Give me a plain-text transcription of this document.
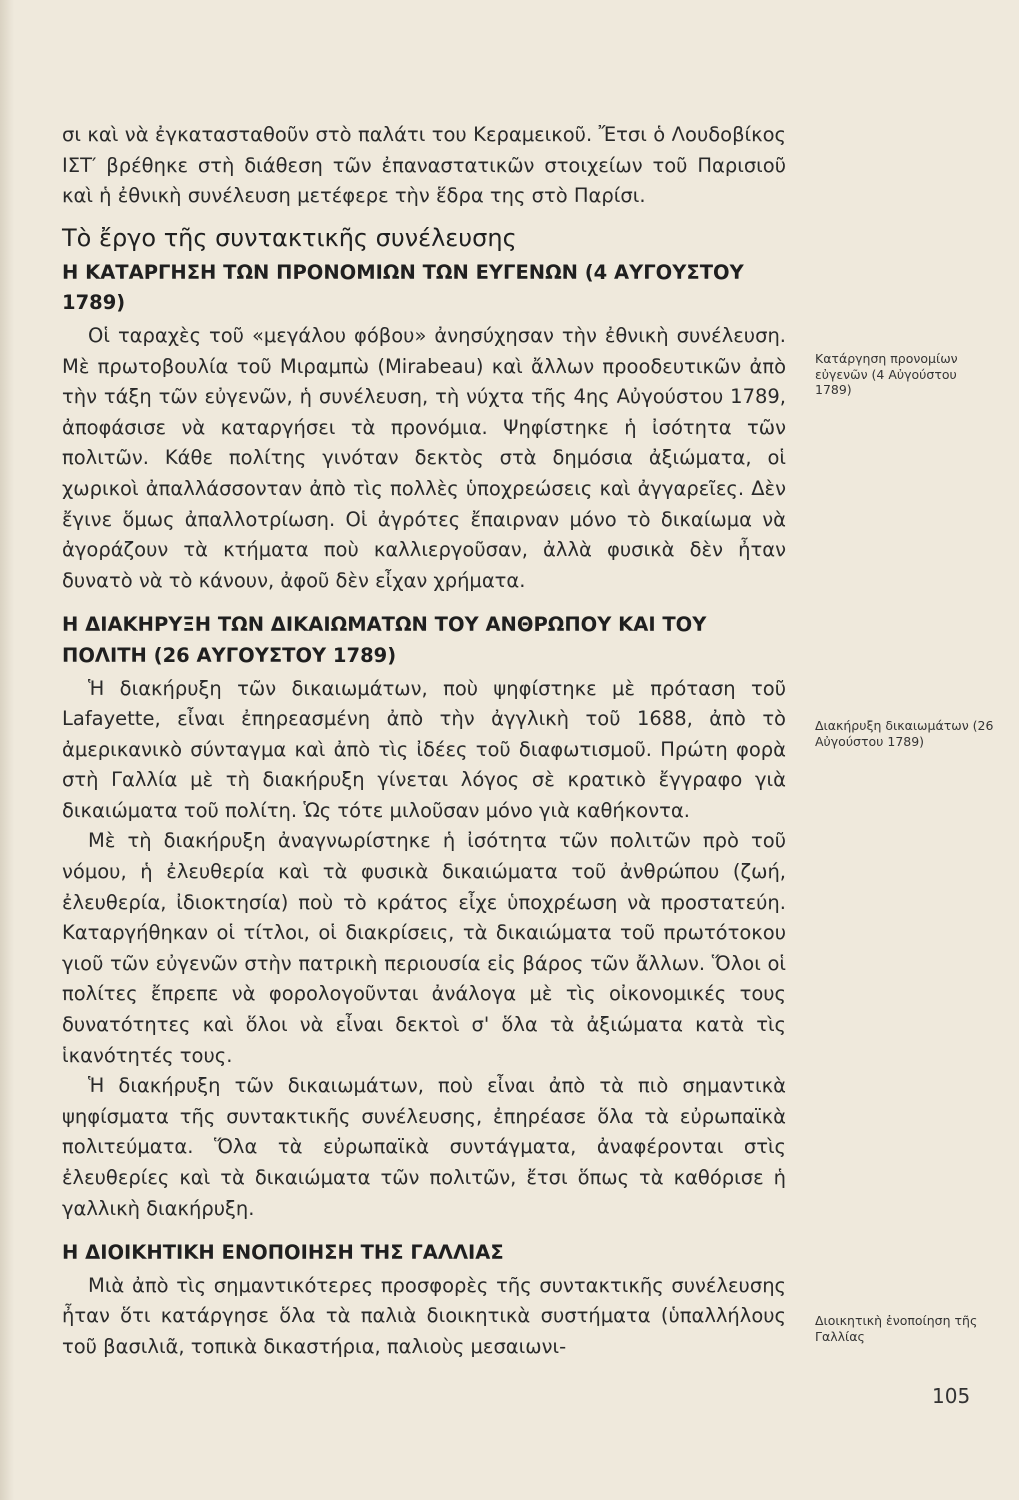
σι καὶ νὰ ἐγκατασταθοῦν στὸ παλάτι του Κεραμεικοῦ. Ἔτσι ὁ Λουδοβίκος ΙΣΤ′ βρέθηκε στὴ διάθεση τῶν ἐπαναστατικῶν στοιχείων τοῦ Παρισιοῦ καὶ ἡ ἐθνικὴ συνέλευση μετέφερε τὴν ἕδρα της στὸ Παρίσι.

Τὸ ἔργο τῆς συντακτικῆς συνέλευσης
Η ΚΑΤΑΡΓΗΣΗ ΤΩΝ ΠΡΟΝΟΜΙΩΝ ΤΩΝ ΕΥΓΕΝΩΝ (4 ΑΥΓΟΥΣΤΟΥ 1789)

Οἱ ταραχὲς τοῦ «μεγάλου φόβου» ἀνησύχησαν τὴν ἐθνικὴ συνέλευση. Μὲ πρωτοβουλία τοῦ Μιραμπὼ (Mirabeau) καὶ ἄλλων προοδευτικῶν ἀπὸ τὴν τάξη τῶν εὐγενῶν, ἡ συνέλευση, τὴ νύχτα τῆς 4ης Αὐγούστου 1789, ἀποφάσισε νὰ καταργήσει τὰ προνόμια. Ψηφίστηκε ἡ ἰσότητα τῶν πολιτῶν. Κάθε πολίτης γινόταν δεκτὸς στὰ δημόσια ἀξιώματα, οἱ χωρικοὶ ἀπαλλάσσονταν ἀπὸ τὶς πολλὲς ὑποχρεώσεις καὶ ἀγγαρεῖες. Δὲν ἔγινε ὅμως ἀπαλλοτρίωση. Οἱ ἀγρότες ἔπαιρναν μόνο τὸ δικαίωμα νὰ ἀγοράζουν τὰ κτήματα ποὺ καλλιεργοῦσαν, ἀλλὰ φυσικὰ δὲν ἦταν δυνατὸ νὰ τὸ κάνουν, ἀφοῦ δὲν εἶχαν χρήματα.

Η ΔΙΑΚΗΡΥΞΗ ΤΩΝ ΔΙΚΑΙΩΜΑΤΩΝ ΤΟΥ ΑΝΘΡΩΠΟΥ ΚΑΙ ΤΟΥ ΠΟΛΙΤΗ (26 ΑΥΓΟΥΣΤΟΥ 1789)

Ἡ διακήρυξη τῶν δικαιωμάτων, ποὺ ψηφίστηκε μὲ πρόταση τοῦ Lafayette, εἶναι ἐπηρεασμένη ἀπὸ τὴν ἀγγλικὴ τοῦ 1688, ἀπὸ τὸ ἀμερικανικὸ σύνταγμα καὶ ἀπὸ τὶς ἰδέες τοῦ διαφωτισμοῦ. Πρώτη φορὰ στὴ Γαλλία μὲ τὴ διακήρυξη γίνεται λόγος σὲ κρατικὸ ἔγγραφο γιὰ δικαιώματα τοῦ πολίτη. Ὡς τότε μιλοῦσαν μόνο γιὰ καθήκοντα.

Μὲ τὴ διακήρυξη ἀναγνωρίστηκε ἡ ἰσότητα τῶν πολιτῶν πρὸ τοῦ νόμου, ἡ ἐλευθερία καὶ τὰ φυσικὰ δικαιώματα τοῦ ἀνθρώπου (ζωή, ἐλευθερία, ἰδιοκτησία) ποὺ τὸ κράτος εἶχε ὑποχρέωση νὰ προστατεύη. Καταργήθηκαν οἱ τίτλοι, οἱ διακρίσεις, τὰ δικαιώματα τοῦ πρωτότοκου γιοῦ τῶν εὐγενῶν στὴν πατρικὴ περιουσία εἰς βάρος τῶν ἄλλων. Ὅλοι οἱ πολίτες ἔπρεπε νὰ φορολογοῦνται ἀνάλογα μὲ τὶς οἰκονομικές τους δυνατότητες καὶ ὅλοι νὰ εἶναι δεκτοὶ σ' ὅλα τὰ ἀξιώματα κατὰ τὶς ἱκανότητές τους.

Ἡ διακήρυξη τῶν δικαιωμάτων, ποὺ εἶναι ἀπὸ τὰ πιὸ σημαντικὰ ψηφίσματα τῆς συντακτικῆς συνέλευσης, ἐπηρέασε ὅλα τὰ εὐρωπαϊκὰ πολιτεύματα. Ὅλα τὰ εὐρωπαϊκὰ συντάγματα, ἀναφέρονται στὶς ἐλευθερίες καὶ τὰ δικαιώματα τῶν πολιτῶν, ἔτσι ὅπως τὰ καθόρισε ἡ γαλλικὴ διακήρυξη.

Η ΔΙΟΙΚΗΤΙΚΗ ΕΝΟΠΟΙΗΣΗ ΤΗΣ ΓΑΛΛΙΑΣ

Μιὰ ἀπὸ τὶς σημαντικότερες προσφορὲς τῆς συντακτικῆς συνέλευσης ἦταν ὅτι κατάργησε ὅλα τὰ παλιὰ διοικητικὰ συστήματα (ὑπαλλήλους τοῦ βασιλιᾶ, τοπικὰ δικαστήρια, παλιοὺς μεσαιωνι-

Κατάργηση προνομίων εὐγενῶν (4 Αὐγούστου 1789)
Διακήρυξη δικαιωμάτων (26 Αὐγούστου 1789)
Διοικητικὴ ἑνοποίηση τῆς Γαλλίας
105
